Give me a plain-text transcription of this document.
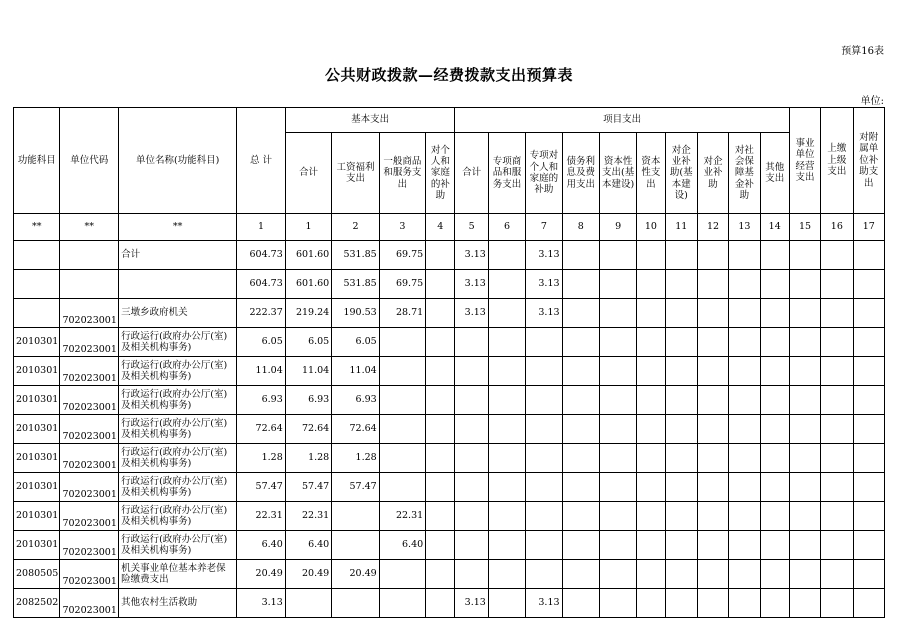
预算16表
公共财政拨款—经费拨款支出预算表
单位:
功能科目	单位代码	单位名称(功能科目)	总 计	基本支出				项目支出										事业单位经营支出	上缴上级支出	对附属单位补助支出
				合计	工资福利支出	一般商品和服务支出	对个人和家庭的补助	合计	专项商品和服务支出	专项对个人和家庭的补助	债务利息及费用支出	资本性支出(基本建设)	资本性支出	对企业补助(基本建设)	对企业补助	对社会保障基金补助	其他支出			
**	**	**	1	1	2	3	4	5	6	7	8	9	10	11	12	13	14	15	16	17
		合计	604.73	601.60	531.85	69.75		3.13		3.13										
			604.73	601.60	531.85	69.75		3.13		3.13										
	702023001	三墩乡政府机关	222.37	219.24	190.53	28.71		3.13		3.13										
2010301	702023001	行政运行(政府办公厅(室)及相关机构事务)	6.05	6.05	6.05															
2010301	702023001	行政运行(政府办公厅(室)及相关机构事务)	11.04	11.04	11.04															
2010301	702023001	行政运行(政府办公厅(室)及相关机构事务)	6.93	6.93	6.93															
2010301	702023001	行政运行(政府办公厅(室)及相关机构事务)	72.64	72.64	72.64															
2010301	702023001	行政运行(政府办公厅(室)及相关机构事务)	1.28	1.28	1.28															
2010301	702023001	行政运行(政府办公厅(室)及相关机构事务)	57.47	57.47	57.47															
2010301	702023001	行政运行(政府办公厅(室)及相关机构事务)	22.31	22.31		22.31														
2010301	702023001	行政运行(政府办公厅(室)及相关机构事务)	6.40	6.40		6.40														
2080505	702023001	机关事业单位基本养老保险缴费支出	20.49	20.49	20.49															
2082502	702023001	其他农村生活救助	3.13					3.13		3.13										
